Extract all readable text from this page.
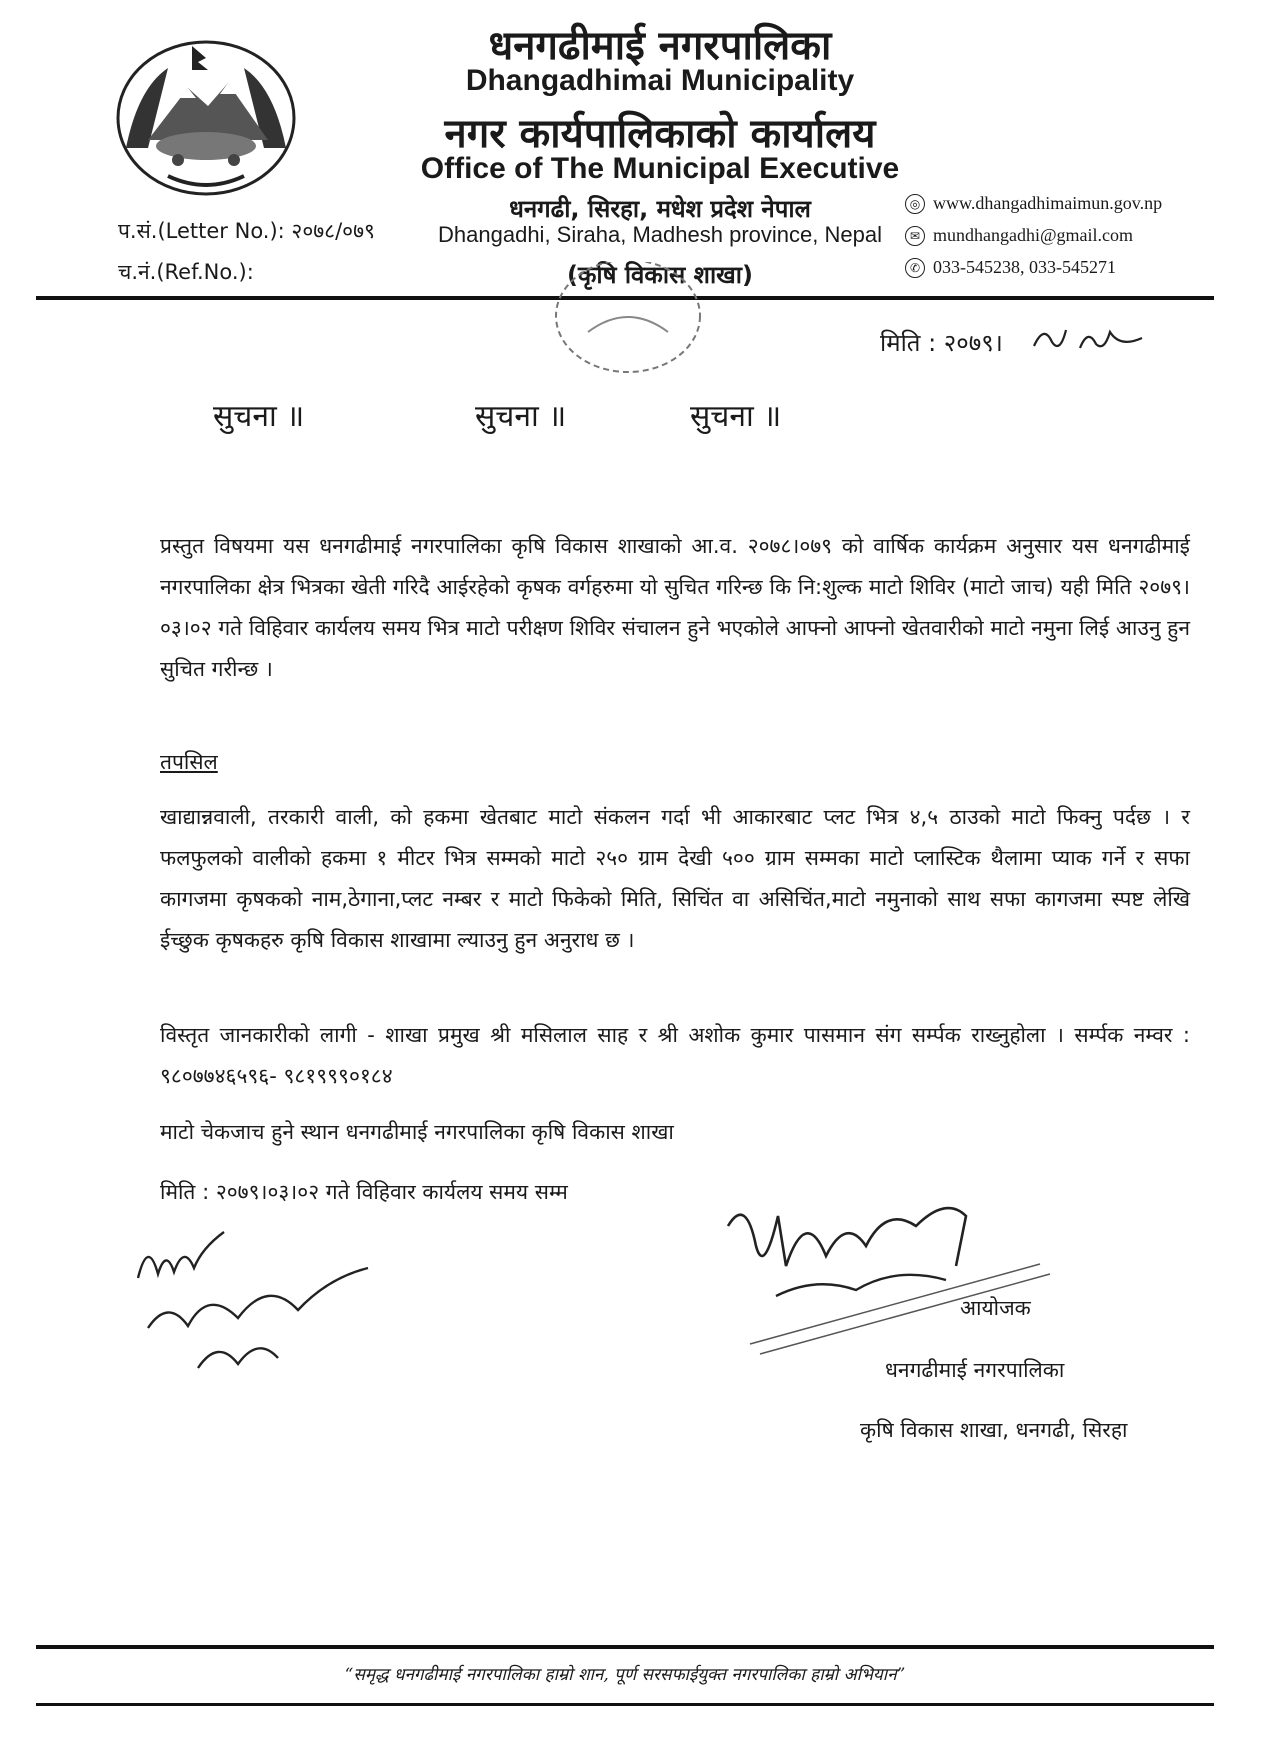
धनगढीमाई नगरपालिका
Dhangadhimai Municipality
नगर कार्यपालिकाको कार्यालय
Office of The Municipal Executive
धनगढी, सिरहा, मधेश प्रदेश नेपाल
Dhangadhi, Siraha, Madhesh province, Nepal
(कृषि विकास शाखा)
प.सं.(Letter No.): २०७८/०७९
च.नं.(Ref.No.):
◎ www.dhangadhimaimun.gov.np
✉ mundhangadhi@gmail.com
✆ 033-545238, 033-545271
मिति : २०७९।
सुचना ॥	सुचना ॥	सुचना ॥
प्रस्तुत विषयमा यस धनगढीमाई नगरपालिका कृषि विकास शाखाको आ.व. २०७८।०७९ को वार्षिक कार्यक्रम अनुसार यस धनगढीमाई नगरपालिका क्षेत्र भित्रका खेती गरिदै आईरहेको कृषक वर्गहरुमा यो सुचित गरिन्छ कि नि:शुल्क माटो शिविर (माटो जाच) यही मिति २०७९।०३।०२ गते विहिवार कार्यलय समय भित्र माटो परीक्षण शिविर संचालन हुने भएकोले आफ्नो आफ्नो खेतवारीको माटो नमुना लिई आउनु हुन सुचित गरीन्छ ।
तपसिल
खाद्यान्नवाली, तरकारी वाली, को हकमा खेतबाट माटो संकलन गर्दा भी आकारबाट प्लट भित्र ४,५ ठाउको माटो फिक्नु पर्दछ । र फलफुलको वालीको हकमा १ मीटर भित्र सम्मको माटो २५० ग्राम देखी ५०० ग्राम सम्मका माटो प्लास्टिक थैलामा प्याक गर्ने र सफा कागजमा कृषकको नाम,ठेगाना,प्लट नम्बर र माटो फिकेको मिति, सिचिंत वा असिचिंत,माटो नमुनाको साथ सफा कागजमा स्पष्ट लेखि ईच्छुक कृषकहरु कृषि विकास शाखामा ल्याउनु हुन अनुराध छ ।
विस्तृत जानकारीको लागी - शाखा प्रमुख श्री मसिलाल साह र श्री अशोक कुमार पासमान संग सर्म्पक राख्नुहोला । सर्म्पक नम्वर : ९८०७७४६५९६- ९८१९९९०१८४
माटो चेकजाच हुने स्थान धनगढीमाई नगरपालिका कृषि विकास शाखा
मिति : २०७९।०३।०२ गते विहिवार कार्यलय समय सम्म
आयोजक
धनगढीमाई नगरपालिका
कृषि विकास शाखा, धनगढी, सिरहा
“समृद्ध धनगढीमाई नगरपालिका हाम्रो शान, पूर्ण सरसफाईयुक्त नगरपालिका हाम्रो अभियान”
